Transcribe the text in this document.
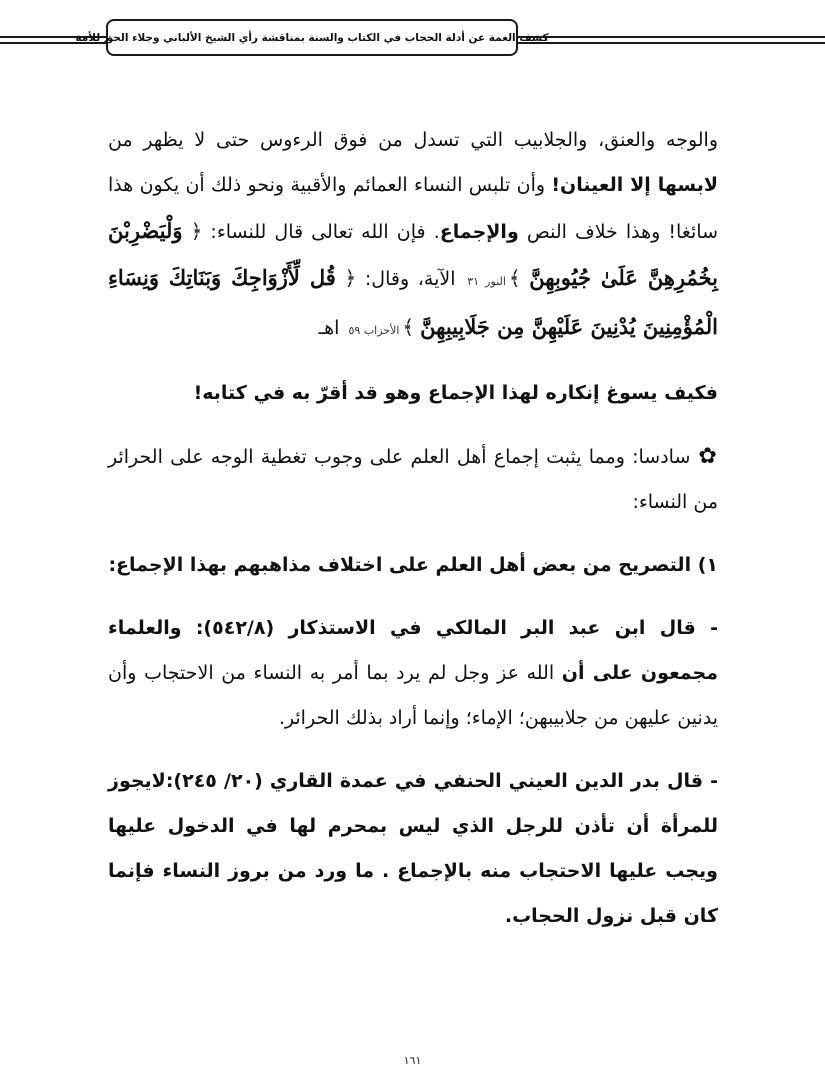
كشف الغمة عن أدلة الحجاب في الكتاب والسنة بمناقشة رأي الشيخ الألباني وجلاء الحق للأمة

والوجه والعنق، والجلابيب التي تسدل من فوق الرءوس حتى لا يظهر من لابسها إلا العينان! وأن تلبس النساء العمائم والأقبية ونحو ذلك أن يكون هذا سائغا! وهذا خلاف النص والإجماع. فإن الله تعالى قال للنساء: ﴿ وَلْيَضْرِبْنَ بِخُمُرِهِنَّ عَلَىٰ جُيُوبِهِنَّ ﴾النور ٣١ الآية، وقال: ﴿ قُل لِّأَزْوَاجِكَ وَبَنَاتِكَ وَنِسَاءِ الْمُؤْمِنِينَ يُدْنِينَ عَلَيْهِنَّ مِن جَلَابِيبِهِنَّ ﴾الأحزاب ٥٩ اهـ

فكيف يسوغ إنكاره لهذا الإجماع وهو قد أقرّ به في كتابه!

✿سادسا: ومما يثبت إجماع أهل العلم على وجوب تغطية الوجه على الحرائر من النساء:

١) التصريح من بعض أهل العلم على اختلاف مذاهبهم بهذا الإجماع:

- قال ابن عبد البر المالكي في الاستذكار (٥٤٢/٨): والعلماء مجمعون على أن الله عز وجل لم يرد بما أمر به النساء من الاحتجاب وأن يدنين عليهن من جلابيبهن؛ الإماء؛ وإنما أراد بذلك الحرائر.

- قال بدر الدين العيني الحنفي في عمدة القاري (٢٠/ ٢٤٥):لايجوز للمرأة أن تأذن للرجل الذي ليس بمحرم لها في الدخول عليها ويجب عليها الاحتجاب منه بالإجماع . ما ورد من بروز النساء فإنما كان قبل نزول الحجاب.

١٦١
